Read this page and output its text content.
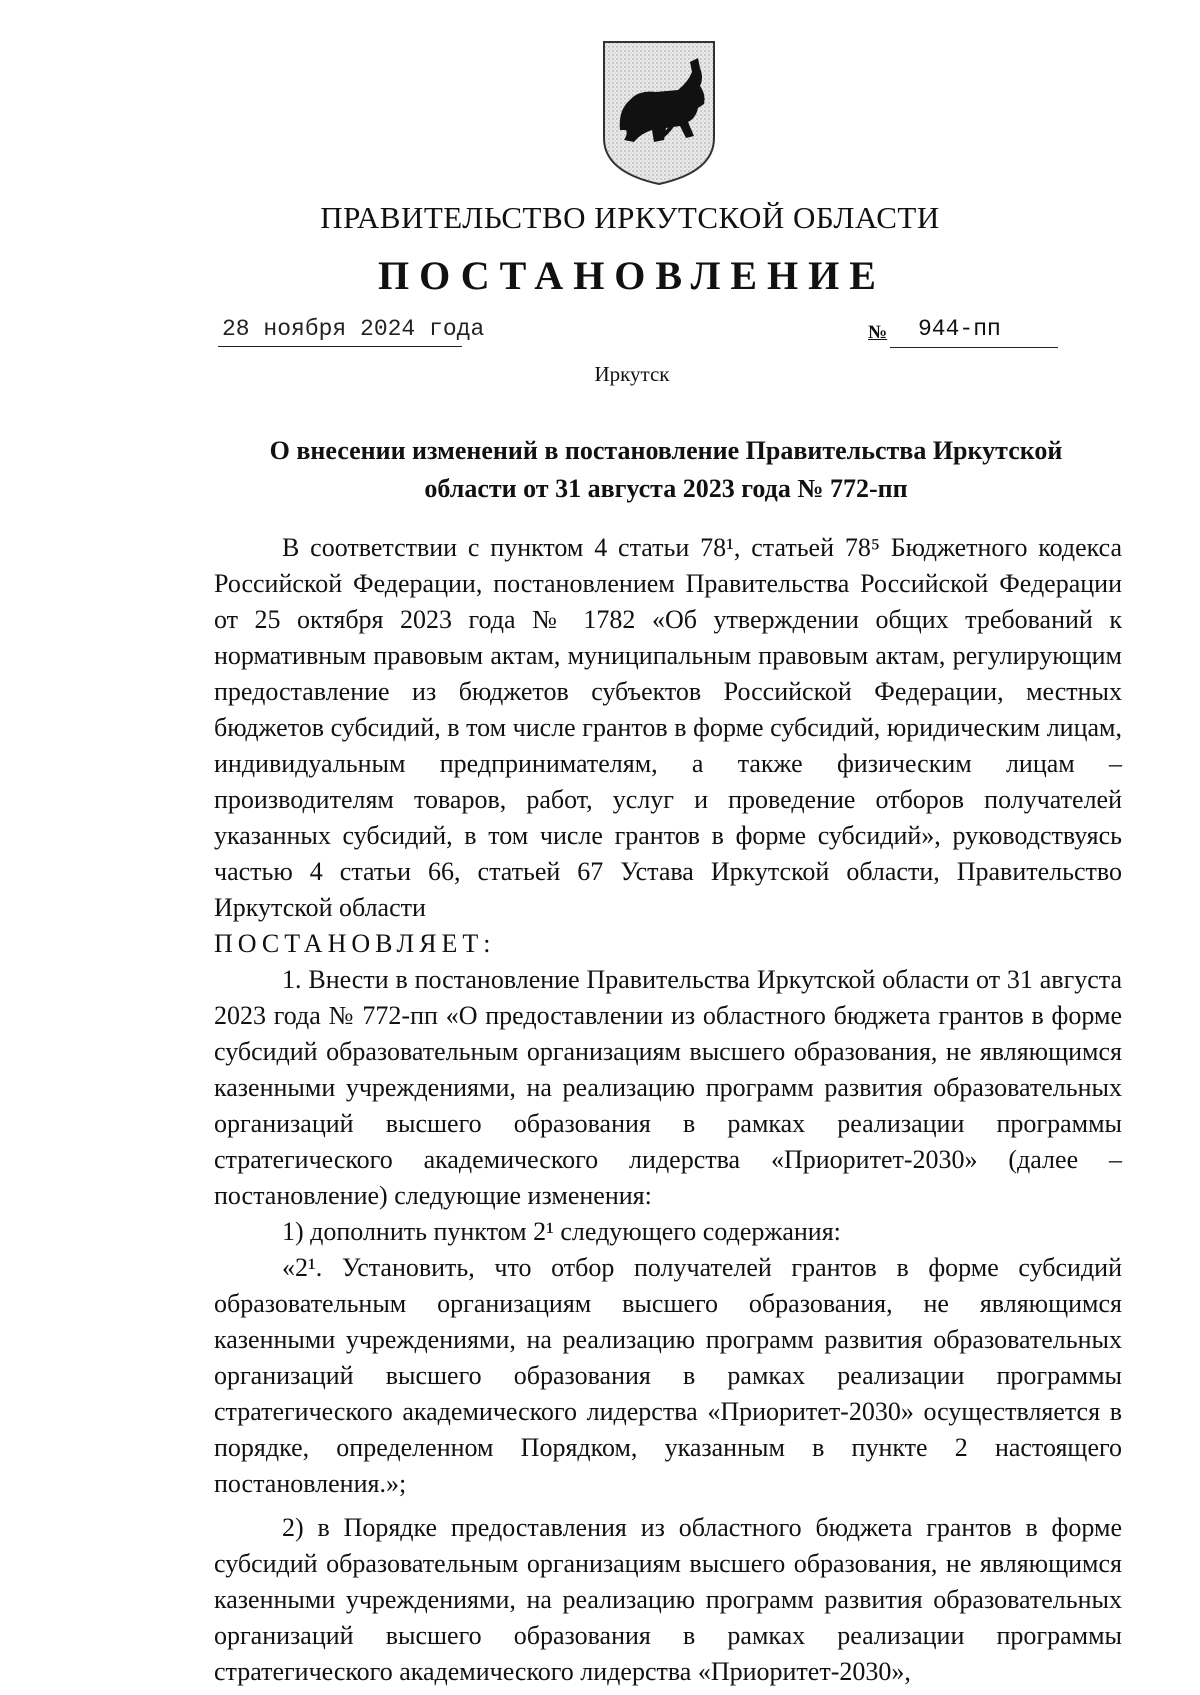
ПРАВИТЕЛЬСТВО ИРКУТСКОЙ ОБЛАСТИ
ПОСТАНОВЛЕНИЕ
28 ноября 2024 года	№ 944-пп
Иркутск
О внесении изменений в постановление Правительства Иркутской
области от 31 августа 2023 года № 772-пп

В соответствии с пунктом 4 статьи 78¹, статьей 78⁵ Бюджетного кодекса Российской Федерации, постановлением Правительства Российской Федерации от 25 октября 2023 года № 1782 «Об утверждении общих требований к нормативным правовым актам, муниципальным правовым актам, регулирующим предоставление из бюджетов субъектов Российской Федерации, местных бюджетов субсидий, в том числе грантов в форме субсидий, юридическим лицам, индивидуальным предпринимателям, а также физическим лицам – производителям товаров, работ, услуг и проведение отборов получателей указанных субсидий, в том числе грантов в форме субсидий», руководствуясь частью 4 статьи 66, статьей 67 Устава Иркутской области, Правительство Иркутской области

ПОСТАНОВЛЯЕТ:

1. Внести в постановление Правительства Иркутской области от 31 августа 2023 года № 772-пп «О предоставлении из областного бюджета грантов в форме субсидий образовательным организациям высшего образования, не являющимся казенными учреждениями, на реализацию программ развития образовательных организаций высшего образования в рамках реализации программы стратегического академического лидерства «Приоритет-2030» (далее – постановление) следующие изменения:

1) дополнить пунктом 2¹ следующего содержания:

«2¹. Установить, что отбор получателей грантов в форме субсидий образовательным организациям высшего образования, не являющимся казенными учреждениями, на реализацию программ развития образовательных организаций высшего образования в рамках реализации программы стратегического академического лидерства «Приоритет-2030» осуществляется в порядке, определенном Порядком, указанным в пункте 2 настоящего постановления.»;

2) в Порядке предоставления из областного бюджета грантов в форме субсидий образовательным организациям высшего образования, не являющимся казенными учреждениями, на реализацию программ развития образовательных организаций высшего образования в рамках реализации программы стратегического академического лидерства «Приоритет-2030»,
